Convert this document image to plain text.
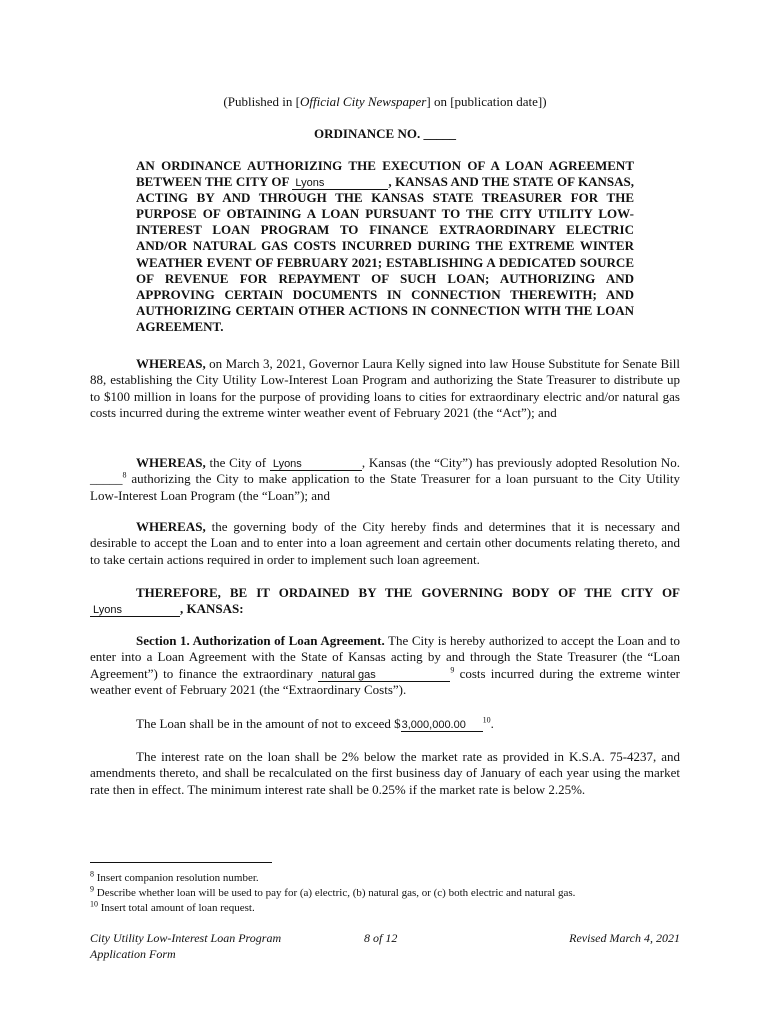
(Published in [Official City Newspaper] on [publication date])
ORDINANCE NO. _____
AN ORDINANCE AUTHORIZING THE EXECUTION OF A LOAN AGREEMENT BETWEEN THE CITY OF Lyons	, KANSAS AND THE STATE OF KANSAS, ACTING BY AND THROUGH THE KANSAS STATE TREASURER FOR THE PURPOSE OF OBTAINING A LOAN PURSUANT TO THE CITY UTILITY LOW-INTEREST LOAN PROGRAM TO FINANCE EXTRAORDINARY ELECTRIC AND/OR NATURAL GAS COSTS INCURRED DURING THE EXTREME WINTER WEATHER EVENT OF FEBRUARY 2021; ESTABLISHING A DEDICATED SOURCE OF REVENUE FOR REPAYMENT OF SUCH LOAN; AUTHORIZING AND APPROVING CERTAIN DOCUMENTS IN CONNECTION THEREWITH; AND AUTHORIZING CERTAIN OTHER ACTIONS IN CONNECTION WITH THE LOAN AGREEMENT.
WHEREAS, on March 3, 2021, Governor Laura Kelly signed into law House Substitute for Senate Bill 88, establishing the City Utility Low-Interest Loan Program and authorizing the State Treasurer to distribute up to $100 million in loans for the purpose of providing loans to cities for extraordinary electric and/or natural gas costs incurred during the extreme winter weather event of February 2021 (the “Act”); and
WHEREAS, the City of Lyons	, Kansas (the “City”) has previously adopted Resolution No. _____$^8$ authorizing the City to make application to the State Treasurer for a loan pursuant to the City Utility Low-Interest Loan Program (the “Loan”); and
WHEREAS, the governing body of the City hereby finds and determines that it is necessary and desirable to accept the Loan and to enter into a loan agreement and certain other documents relating thereto, and to take certain actions required in order to implement such loan agreement.
THEREFORE, BE IT ORDAINED BY THE GOVERNING BODY OF THE CITY OF Lyons	, KANSAS:
Section 1. Authorization of Loan Agreement. The City is hereby authorized to accept the Loan and to enter into a Loan Agreement with the State of Kansas acting by and through the State Treasurer (the “Loan Agreement”) to finance the extraordinary natural gas	$^9$ costs incurred during the extreme winter weather event of February 2021 (the “Extraordinary Costs”).
The Loan shall be in the amount of not to exceed $3,000,000.00 $^{10}$.
The interest rate on the loan shall be 2% below the market rate as provided in K.S.A. 75-4237, and amendments thereto, and shall be recalculated on the first business day of January of each year using the market rate then in effect. The minimum interest rate shall be 0.25% if the market rate is below 2.25%.
$^8$ Insert companion resolution number.
$^9$ Describe whether loan will be used to pay for (a) electric, (b) natural gas, or (c) both electric and natural gas.
$^{10}$ Insert total amount of loan request.
City Utility Low-Interest Loan Program
Application Form
8 of 12	Revised March 4, 2021
